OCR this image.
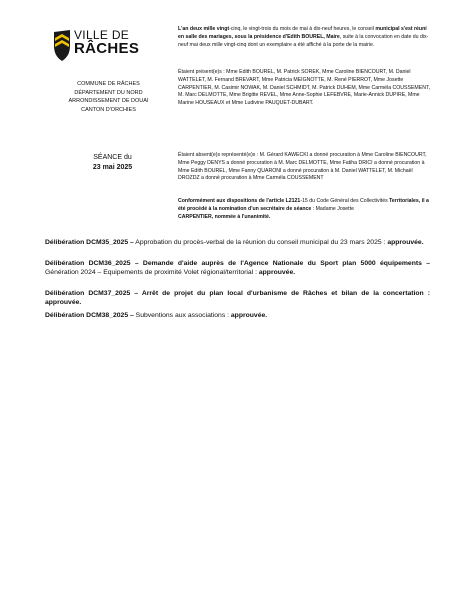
VILLE DE
RÂCHES
COMMUNE DE RÂCHES
DÉPARTEMENT DU NORD
ARRONDISSEMENT DE DOUAI
CANTON D'ORCHIES
SÉANCE du
23 mai 2025
L'an deux mille vingt-cinq, le vingt-trois du mois de mai à dix-neuf heures, le conseil municipal s'est réuni en salle des mariages, sous la présidence d'Edith BOUREL, Maire, suite à la convocation en date du dix-neuf mai deux mille vingt-cinq dont un exemplaire a été affiché à la porte de la mairie.
Étaient présent(e)s : Mme Edith BOUREL, M. Patrick SOREK, Mme Caroline BIENCOURT, M. Daniel WATTELET, M. Fernand BREVART, Mme Patricia MEIGNOTTE, M. René PIERROT, Mme Josette CARPENTIER, M. Casimir NOWAK, M. Daniel SCHMIDT, M. Patrick DUHEM, Mme Carméla COUSSEMENT, M. Marc DELMOTTE, Mme Brigitte REVEL, Mme Anne-Sophie LEFEBVRE, Marie-Annick DUPIRE, Mme Marine HOUSEAUX et Mme Ludivine PAUQUET-DUBART.
Étaient absent(e)s représenté(e)s : M. Gérard KAWECKI a donné procuration à Mme Caroline BIENCOURT, Mme Peggy DENYS a donné procuration à M. Marc DELMOTTE, Mme Fatiha DRICI a donné procuration à Mme Edith BOUREL, Mme Fanny QUARONI a donné procuration à M. Daniel WATTELET, M. Michaël DROZDZ a donné procuration à Mme Carméla COUSSEMENT
Conformément aux dispositions de l'article L2121-15 du Code Général des Collectivités Territoriales, il a été procédé à la nomination d'un secrétaire de séance : Madame Josette
CARPENTIER, nommée à l'unanimité.
Délibération DCM35_2025 – Approbation du procès-verbal de la réunion du conseil municipal du 23 mars 2025 : approuvée.
Délibération DCM36_2025 – Demande d'aide auprès de l'Agence Nationale du Sport plan 5000 équipements – Génération 2024 – Equipements de proximité Volet régional/territorial : approuvée.
Délibération DCM37_2025 – Arrêt de projet du plan local d'urbanisme de Râches et bilan de la concertation : approuvée.
Délibération DCM38_2025 – Subventions aux associations : approuvée.
